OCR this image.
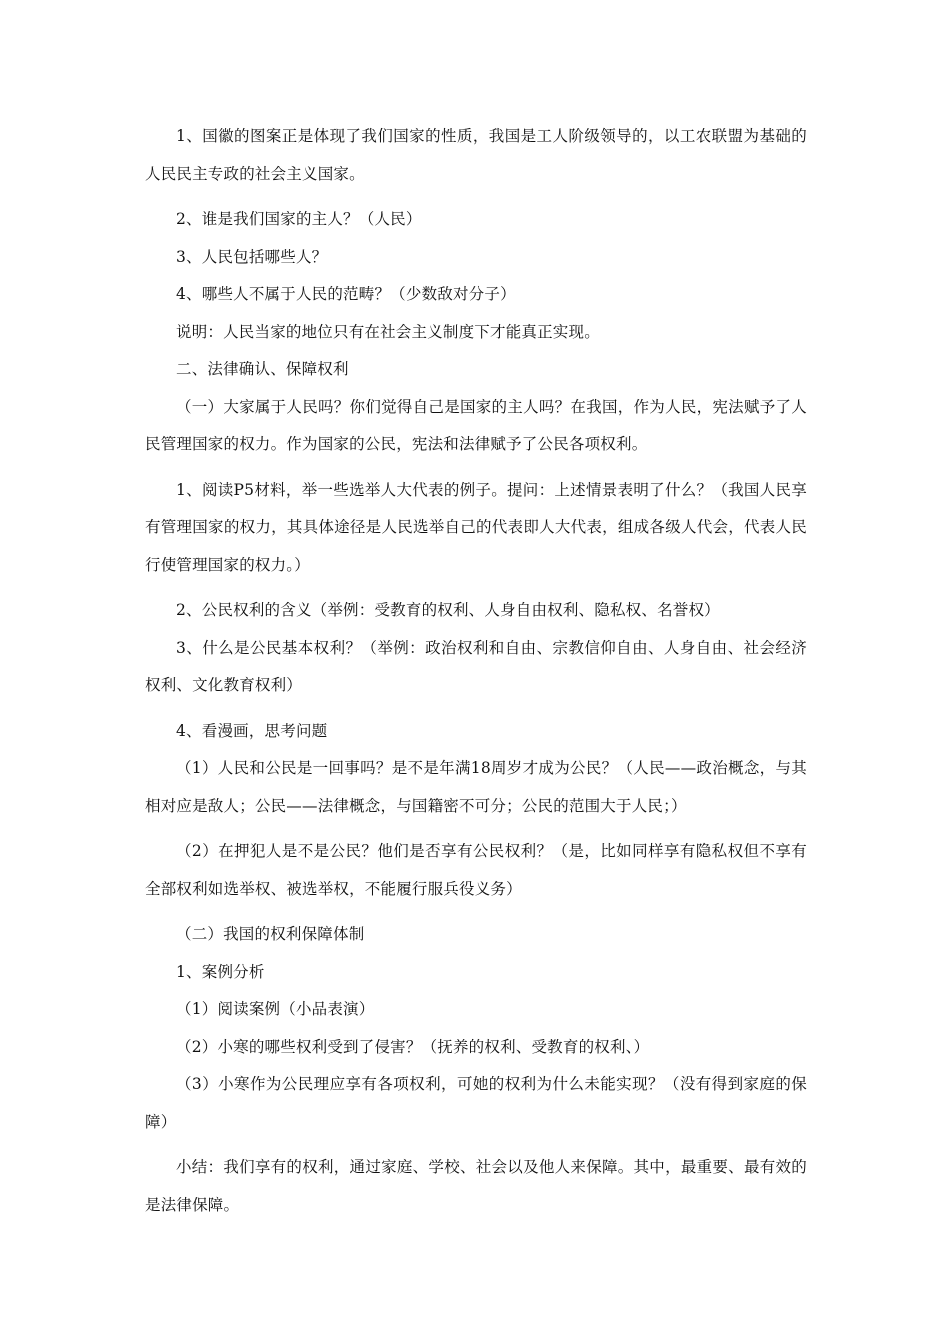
1、国徽的图案正是体现了我们国家的性质，我国是工人阶级领导的，以工农联盟为基础的人民民主专政的社会主义国家。

2、谁是我们国家的主人？（人民）

3、人民包括哪些人？

4、哪些人不属于人民的范畴？（少数敌对分子）

说明：人民当家的地位只有在社会主义制度下才能真正实现。

二、法律确认、保障权利

（一）大家属于人民吗？你们觉得自己是国家的主人吗？在我国，作为人民，宪法赋予了人民管理国家的权力。作为国家的公民，宪法和法律赋予了公民各项权利。

1、阅读P5材料，举一些选举人大代表的例子。提问：上述情景表明了什么？（我国人民享有管理国家的权力，其具体途径是人民选举自己的代表即人大代表，组成各级人代会，代表人民行使管理国家的权力。）

2、公民权利的含义（举例：受教育的权利、人身自由权利、隐私权、名誉权）

3、什么是公民基本权利？（举例：政治权利和自由、宗教信仰自由、人身自由、社会经济权利、文化教育权利）

4、看漫画，思考问题

（1）人民和公民是一回事吗？是不是年满18周岁才成为公民？（人民——政治概念，与其相对应是敌人；公民——法律概念，与国籍密不可分；公民的范围大于人民；）

（2）在押犯人是不是公民？他们是否享有公民权利？（是，比如同样享有隐私权但不享有全部权利如选举权、被选举权，不能履行服兵役义务）

（二）我国的权利保障体制

1、案例分析

（1）阅读案例（小品表演）

（2）小寒的哪些权利受到了侵害？（抚养的权利、受教育的权利、）

（3）小寒作为公民理应享有各项权利，可她的权利为什么未能实现？（没有得到家庭的保障）

小结：我们享有的权利，通过家庭、学校、社会以及他人来保障。其中，最重要、最有效的是法律保障。
